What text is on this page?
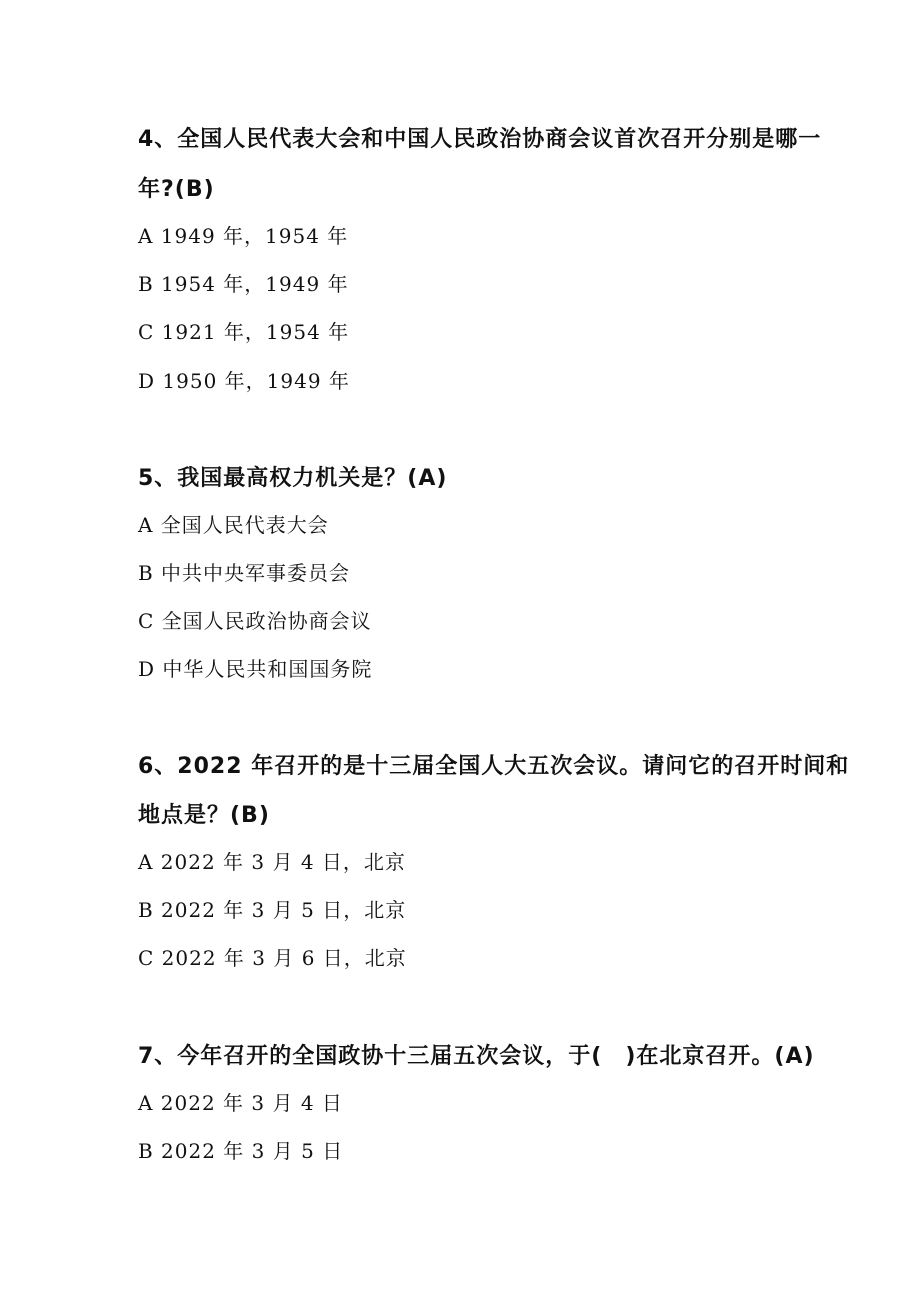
4、全国人民代表大会和中国人民政治协商会议首次召开分别是哪一
年?(B)
A 1949 年，1954 年
B 1954 年，1949 年
C 1921 年，1954 年
D 1950 年，1949 年
5、我国最高权力机关是？(A)
A 全国人民代表大会
B 中共中央军事委员会
C 全国人民政治协商会议
D 中华人民共和国国务院
6、2022 年召开的是十三届全国人大五次会议。请问它的召开时间和
地点是？(B)
A 2022 年 3 月 4 日，北京
B 2022 年 3 月 5 日，北京
C 2022 年 3 月 6 日，北京
7、今年召开的全国政协十三届五次会议，于(　)在北京召开。(A)
A 2022 年 3 月 4 日
B 2022 年 3 月 5 日
